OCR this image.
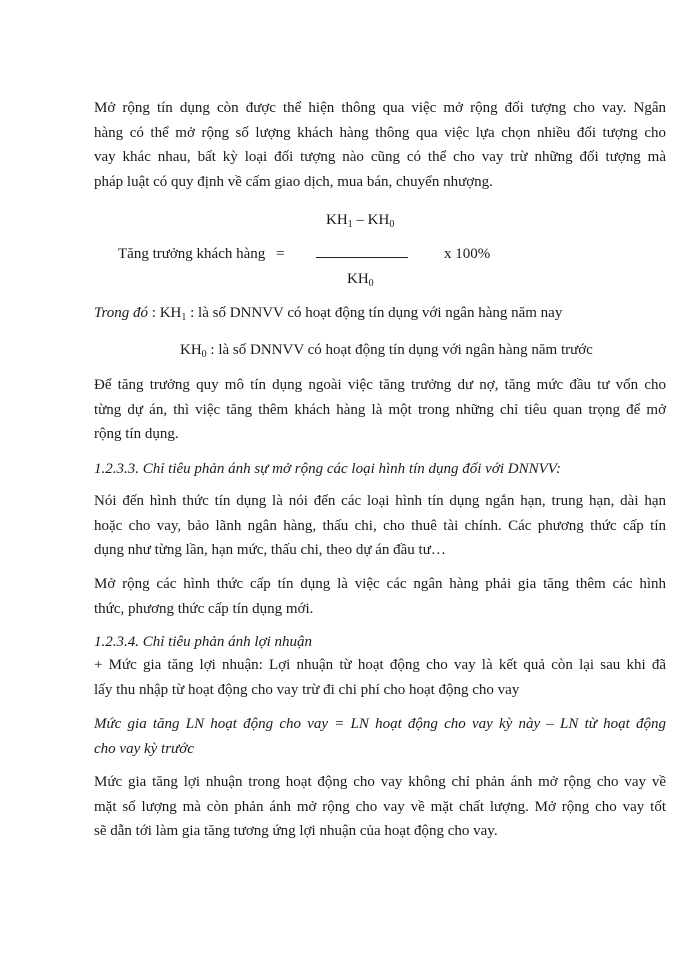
Mở rộng tín dụng còn được thể hiện thông qua việc mở rộng đối tượng cho vay. Ngân
hàng có thể mở rộng số lượng khách hàng thông qua việc lựa chọn nhiều đối tượng cho
vay khác nhau, bất kỳ loại đối tượng nào cũng có thể cho vay trừ những đối tượng mà
pháp luật có quy định về cấm giao dịch, mua bán, chuyển nhượng.
$KH_1 - KH_0$
Tăng trưởng khách hàng =	x 100%
$KH_0$
Trong đó : $KH_1$ : là số DNNVV có hoạt động tín dụng với ngân hàng năm nay
$KH_0$ : là số DNNVV có hoạt động tín dụng với ngân hàng năm trước
Để tăng trưởng quy mô tín dụng ngoài việc tăng trưởng dư nợ, tăng mức đầu tư vốn cho
từng dự án, thì việc tăng thêm khách hàng là một trong những chỉ tiêu quan trọng để mở
rộng tín dụng.
1.2.3.3. Chỉ tiêu phản ánh sự mở rộng các loại hình tín dụng đối với DNNVV:
Nói đến hình thức tín dụng là nói đến các loại hình tín dụng ngắn hạn, trung hạn, dài hạn
hoặc cho vay, bảo lãnh ngân hàng, thấu chi, cho thuê tài chính. Các phương thức cấp tín
dụng như từng lần, hạn mức, thấu chi, theo dự án đầu tư…
Mở rộng các hình thức cấp tín dụng là việc các ngân hàng phải gia tăng thêm các hình
thức, phương thức cấp tín dụng mới.
1.2.3.4. Chỉ tiêu phản ánh lợi nhuận
+ Mức gia tăng lợi nhuận: Lợi nhuận từ hoạt động cho vay là kết quả còn lại sau khi đã
lấy thu nhập từ hoạt động cho vay trừ đi chi phí cho hoạt động cho vay
Mức gia tăng LN hoạt động cho vay = LN hoạt động cho vay kỳ này – LN từ hoạt động
cho vay kỳ trước
Mức gia tăng lợi nhuận trong hoạt động cho vay không chỉ phản ánh mở rộng cho vay về
mặt số lượng mà còn phản ánh mở rộng cho vay về mặt chất lượng. Mở rộng cho vay tốt
sẽ dẫn tới làm gia tăng tương ứng lợi nhuận của hoạt động cho vay.
